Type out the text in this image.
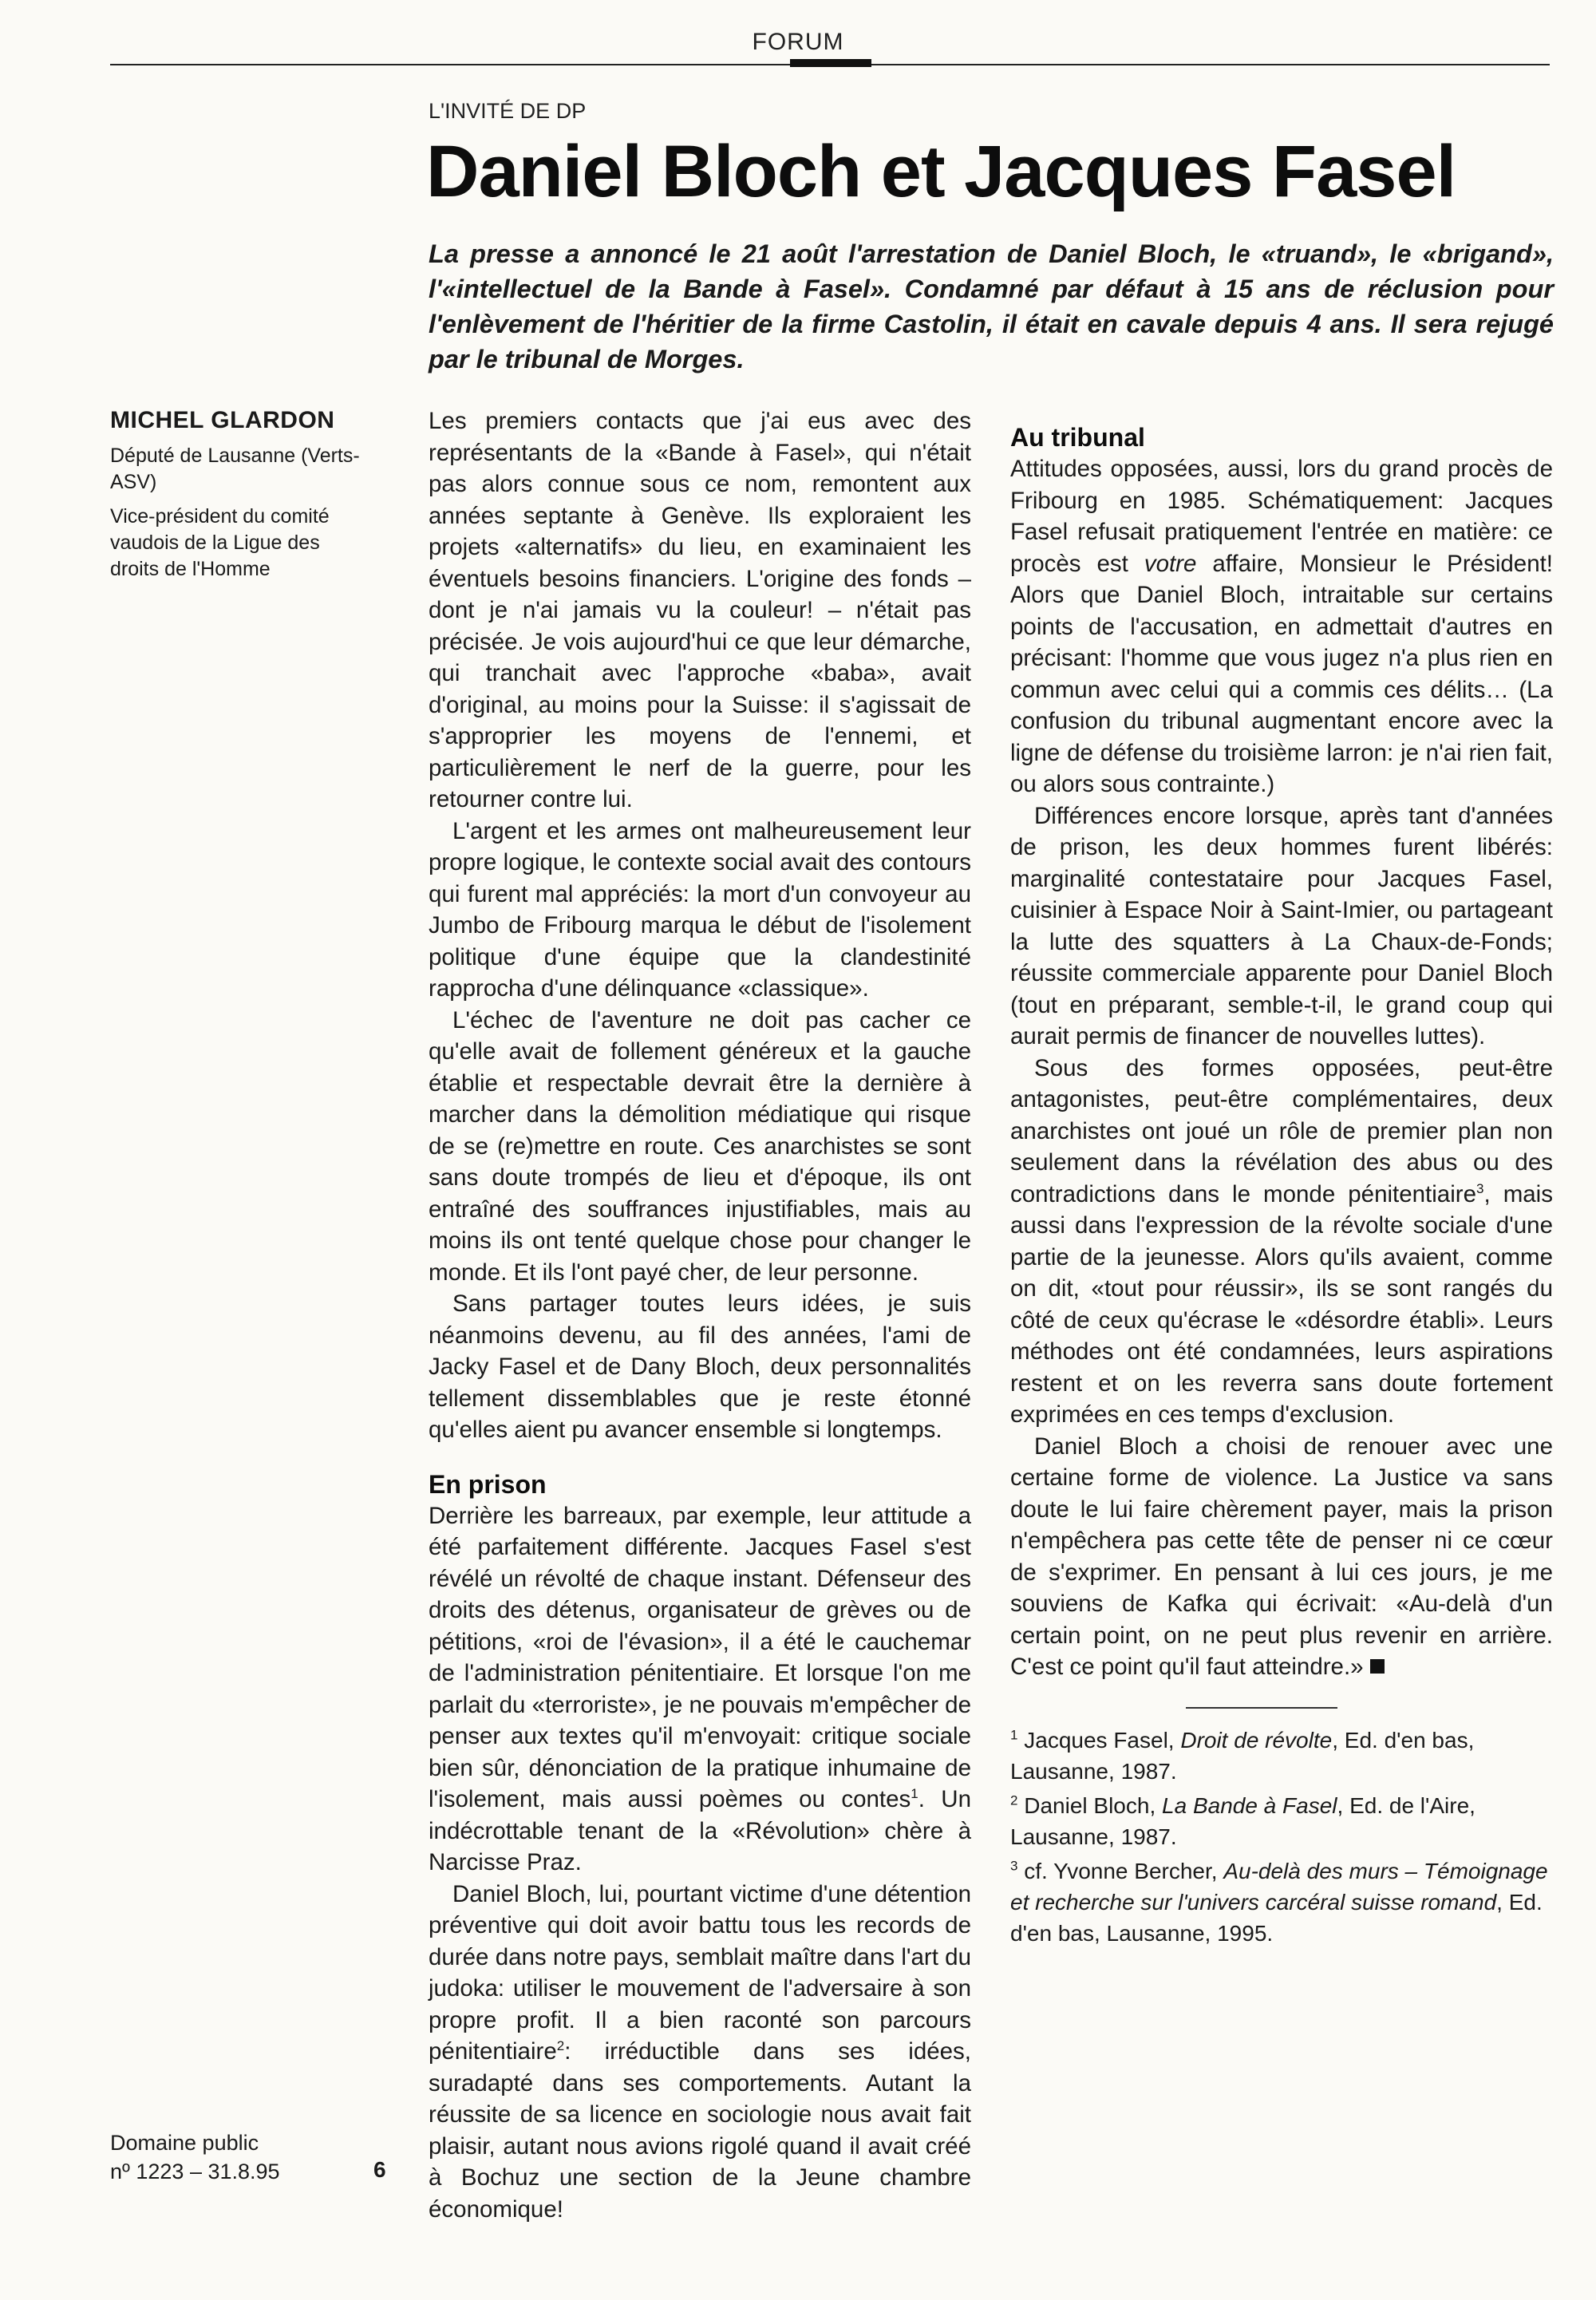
FORUM
L'INVITÉ DE DP
Daniel Bloch et Jacques Fasel

La presse a annoncé le 21 août l'arrestation de Daniel Bloch, le «truand», le «brigand», l'«intellectuel de la Bande à Fasel». Condamné par défaut à 15 ans de réclusion pour l'enlèvement de l'héritier de la firme Castolin, il était en cavale depuis 4 ans. Il sera rejugé par le tribunal de Morges.

MICHEL GLARDON

Député de Lausanne (Verts-ASV)

Vice-président du comité vaudois de la Ligue des droits de l'Homme

Domaine public
nº 1223 – 31.8.95	6

Les premiers contacts que j'ai eus avec des représentants de la «Bande à Fasel», qui n'était pas alors connue sous ce nom, remontent aux années septante à Genève. Ils exploraient les projets «alternatifs» du lieu, en examinaient les éventuels besoins financiers. L'origine des fonds – dont je n'ai jamais vu la couleur! – n'était pas précisée. Je vois aujourd'hui ce que leur démarche, qui tranchait avec l'approche «baba», avait d'original, au moins pour la Suisse: il s'agissait de s'approprier les moyens de l'ennemi, et particulièrement le nerf de la guerre, pour les retourner contre lui.

L'argent et les armes ont malheureusement leur propre logique, le contexte social avait des contours qui furent mal appréciés: la mort d'un convoyeur au Jumbo de Fribourg marqua le début de l'isolement politique d'une équipe que la clandestinité rapprocha d'une délinquance «classique».

L'échec de l'aventure ne doit pas cacher ce qu'elle avait de follement généreux et la gauche établie et respectable devrait être la dernière à marcher dans la démolition médiatique qui risque de se (re)mettre en route. Ces anarchistes se sont sans doute trompés de lieu et d'époque, ils ont entraîné des souffrances injustifiables, mais au moins ils ont tenté quelque chose pour changer le monde. Et ils l'ont payé cher, de leur personne.

Sans partager toutes leurs idées, je suis néanmoins devenu, au fil des années, l'ami de Jacky Fasel et de Dany Bloch, deux personnalités tellement dissemblables que je reste étonné qu'elles aient pu avancer ensemble si longtemps.

En prison

Derrière les barreaux, par exemple, leur attitude a été parfaitement différente. Jacques Fasel s'est révélé un révolté de chaque instant. Défenseur des droits des détenus, organisateur de grèves ou de pétitions, «roi de l'évasion», il a été le cauchemar de l'administration pénitentiaire. Et lorsque l'on me parlait du «terroriste», je ne pouvais m'empêcher de penser aux textes qu'il m'envoyait: critique sociale bien sûr, dénonciation de la pratique inhumaine de l'isolement, mais aussi poèmes ou contes$^1$. Un indécrottable tenant de la «Révolution» chère à Narcisse Praz.

Daniel Bloch, lui, pourtant victime d'une détention préventive qui doit avoir battu tous les records de durée dans notre pays, semblait maître dans l'art du judoka: utiliser le mouvement de l'adversaire à son propre profit. Il a bien raconté son parcours pénitentiaire$^2$: irréductible dans ses idées, suradapté dans ses comportements. Autant la réussite de sa licence en sociologie nous avait fait plaisir, autant nous avions rigolé quand il avait créé à Bochuz une section de la Jeune chambre économique!

Au tribunal

Attitudes opposées, aussi, lors du grand procès de Fribourg en 1985. Schématiquement: Jacques Fasel refusait pratiquement l'entrée en matière: ce procès est votre affaire, Monsieur le Président! Alors que Daniel Bloch, intraitable sur certains points de l'accusation, en admettait d'autres en précisant: l'homme que vous jugez n'a plus rien en commun avec celui qui a commis ces délits… (La confusion du tribunal augmentant encore avec la ligne de défense du troisième larron: je n'ai rien fait, ou alors sous contrainte.)

Différences encore lorsque, après tant d'années de prison, les deux hommes furent libérés: marginalité contestataire pour Jacques Fasel, cuisinier à Espace Noir à Saint-Imier, ou partageant la lutte des squatters à La Chaux-de-Fonds; réussite commerciale apparente pour Daniel Bloch (tout en préparant, semble-t-il, le grand coup qui aurait permis de financer de nouvelles luttes).

Sous des formes opposées, peut-être antagonistes, peut-être complémentaires, deux anarchistes ont joué un rôle de premier plan non seulement dans la révélation des abus ou des contradictions dans le monde pénitentiaire$^3$, mais aussi dans l'expression de la révolte sociale d'une partie de la jeunesse. Alors qu'ils avaient, comme on dit, «tout pour réussir», ils se sont rangés du côté de ceux qu'écrase le «désordre établi». Leurs méthodes ont été condamnées, leurs aspirations restent et on les reverra sans doute fortement exprimées en ces temps d'exclusion.

Daniel Bloch a choisi de renouer avec une certaine forme de violence. La Justice va sans doute le lui faire chèrement payer, mais la prison n'empêchera pas cette tête de penser ni ce cœur de s'exprimer. En pensant à lui ces jours, je me souviens de Kafka qui écrivait: «Au-delà d'un certain point, on ne peut plus revenir en arrière. C'est ce point qu'il faut atteindre.»

$^1$ Jacques Fasel, Droit de révolte, Ed. d'en bas, Lausanne, 1987.

$^2$ Daniel Bloch, La Bande à Fasel, Ed. de l'Aire, Lausanne, 1987.

$^3$ cf. Yvonne Bercher, Au-delà des murs – Témoignage et recherche sur l'univers carcéral suisse romand, Ed. d'en bas, Lausanne, 1995.
